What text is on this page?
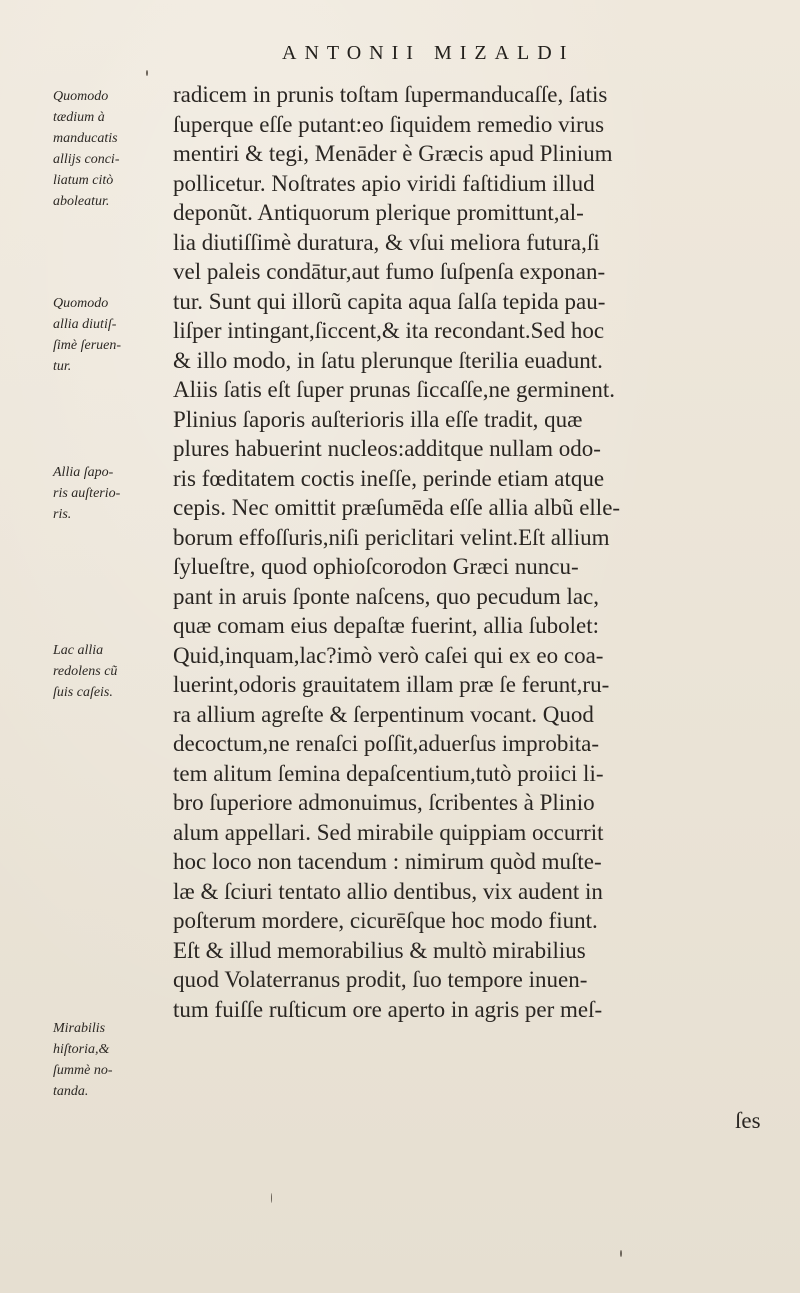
ANTONII MIZALDI
Quomodo
tædium à
manducatis
allijs conci-
liatum citò
aboleatur.
Quomodo
allia diutiſ-
ſimè ſeruen-
tur.
Allia ſapo-
ris auſterio-
ris.
Lac allia
redolens cũ
ſuis caſeis.
Mirabilis
hiſtoria,&
ſummè no-
tanda.
radicem in prunis toſtam ſupermanducaſſe, ſatis
ſuperque eſſe putant:eo ſiquidem remedio virus
mentiri & tegi, Menāder è Græcis apud Plinium
pollicetur. Noſtrates apio viridi faſtidium illud
deponũt. Antiquorum plerique promittunt,al-
lia diutiſſimè duratura, & vſui meliora futura,ſi
vel paleis condātur,aut fumo ſuſpenſa exponan-
tur. Sunt qui illorũ capita aqua ſalſa tepida pau-
liſper intingant,ſiccent,& ita recondant.Sed hoc
& illo modo, in ſatu plerunque ſterilia euadunt.
Aliis ſatis eſt ſuper prunas ſiccaſſe,ne germinent.
Plinius ſaporis auſterioris illa eſſe tradit, quæ
plures habuerint nucleos:additque nullam odo-
ris fœditatem coctis ineſſe, perinde etiam atque
cepis. Nec omittit præſumēda eſſe allia albũ elle-
borum effoſſuris,niſi periclitari velint.Eſt allium
ſylueſtre, quod ophioſcorodon Græci nuncu-
pant in aruis ſponte naſcens, quo pecudum lac,
quæ comam eius depaſtæ fuerint, allia ſubolet:
Quid,inquam,lac?imò verò caſei qui ex eo coa-
luerint,odoris grauitatem illam præ ſe ferunt,ru-
ra allium agreſte & ſerpentinum vocant. Quod
decoctum,ne renaſci poſſit,aduerſus improbita-
tem alitum ſemina depaſcentium,tutò proiici li-
bro ſuperiore admonuimus, ſcribentes à Plinio
alum appellari. Sed mirabile quippiam occurrit
hoc loco non tacendum : nimirum quòd muſte-
læ & ſciuri tentato allio dentibus, vix audent in
poſterum mordere, cicurēſque hoc modo fiunt.
Eſt & illud memorabilius & multò mirabilius
quod Volaterranus prodit, ſuo tempore inuen-
tum fuiſſe ruſticum ore aperto in agris per meſ-
ſes
